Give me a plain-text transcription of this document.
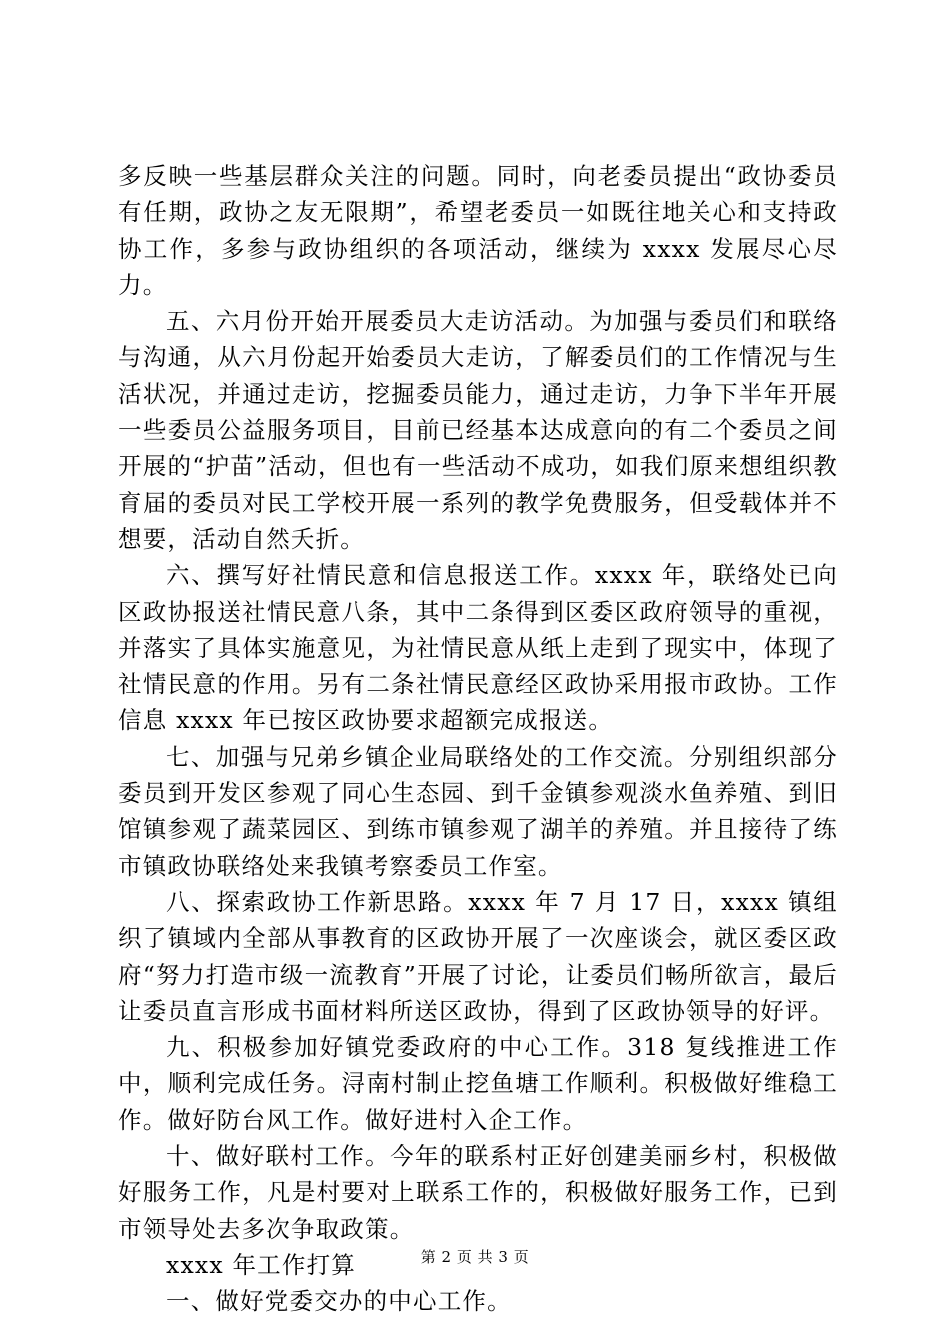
多反映一些基层群众关注的问题。同时，向老委员提出“政协委员有任期，政协之友无限期”，希望老委员一如既往地关心和支持政协工作，多参与政协组织的各项活动，继续为 xxxx 发展尽心尽力。

五、六月份开始开展委员大走访活动。为加强与委员们和联络与沟通，从六月份起开始委员大走访，了解委员们的工作情况与生活状况，并通过走访，挖掘委员能力，通过走访，力争下半年开展一些委员公益服务项目，目前已经基本达成意向的有二个委员之间开展的“护苗”活动，但也有一些活动不成功，如我们原来想组织教育届的委员对民工学校开展一系列的教学免费服务，但受载体并不想要，活动自然夭折。

六、撰写好社情民意和信息报送工作。xxxx 年，联络处已向区政协报送社情民意八条，其中二条得到区委区政府领导的重视，并落实了具体实施意见，为社情民意从纸上走到了现实中，体现了社情民意的作用。另有二条社情民意经区政协采用报市政协。工作信息 xxxx 年已按区政协要求超额完成报送。

七、加强与兄弟乡镇企业局联络处的工作交流。分别组织部分委员到开发区参观了同心生态园、到千金镇参观淡水鱼养殖、到旧馆镇参观了蔬菜园区、到练市镇参观了湖羊的养殖。并且接待了练市镇政协联络处来我镇考察委员工作室。

八、探索政协工作新思路。xxxx 年 7 月 17 日，xxxx 镇组织了镇域内全部从事教育的区政协开展了一次座谈会，就区委区政府“努力打造市级一流教育”开展了讨论，让委员们畅所欲言，最后让委员直言形成书面材料所送区政协，得到了区政协领导的好评。

九、积极参加好镇党委政府的中心工作。318 复线推进工作中，顺利完成任务。浔南村制止挖鱼塘工作顺利。积极做好维稳工作。做好防台风工作。做好进村入企工作。

十、做好联村工作。今年的联系村正好创建美丽乡村，积极做好服务工作，凡是村要对上联系工作的，积极做好服务工作，已到市领导处去多次争取政策。

xxxx 年工作打算

一、做好党委交办的中心工作。

第 2 页 共 3 页
